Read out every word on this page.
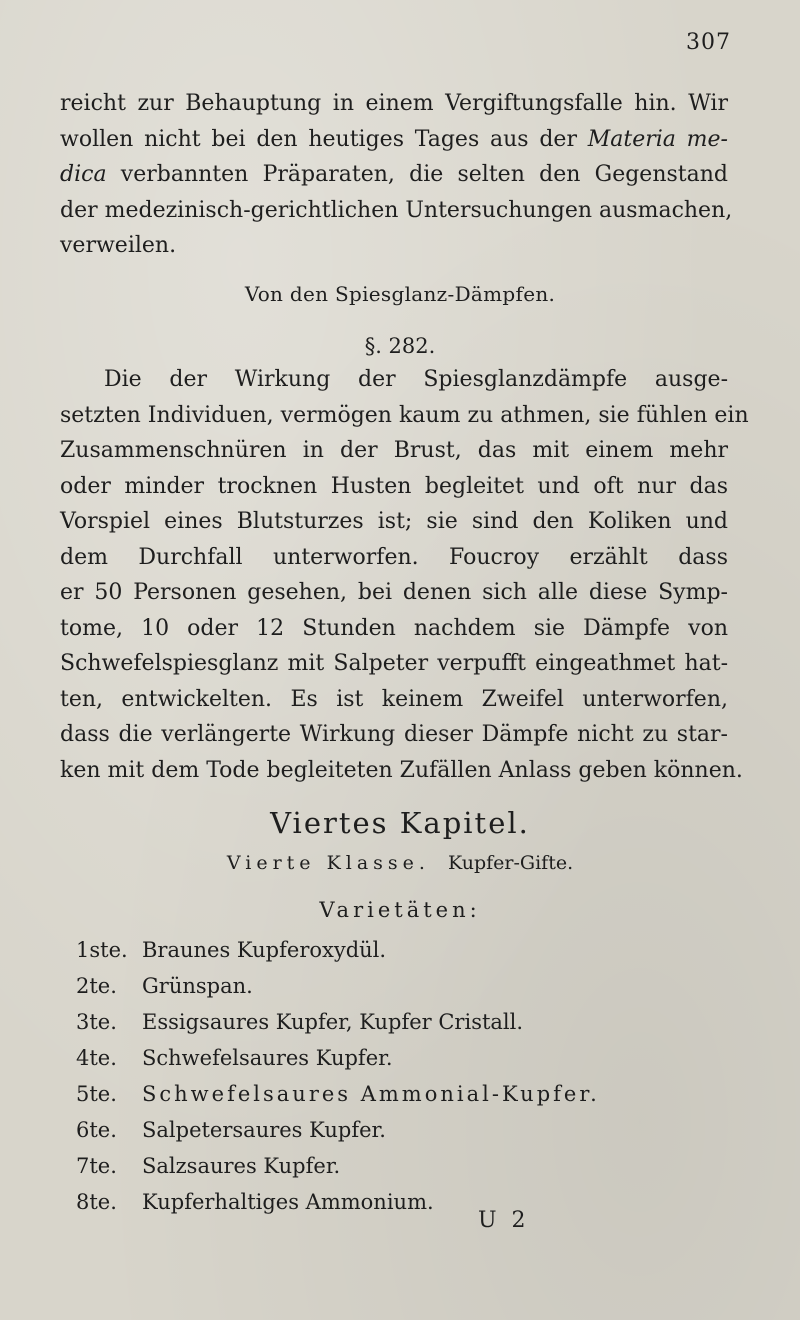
307
reicht zur Behauptung in einem Vergiftungsfalle hin. Wir
wollen nicht bei den heutiges Tages aus der Materia me-
dica verbannten Präparaten, die selten den Gegenstand
der medezinisch-gerichtlichen Untersuchungen ausmachen,
verweilen.

Von den Spiesglanz-Dämpfen.

§. 282.

Die der Wirkung der Spiesglanzdämpfe ausge-
setzten Individuen, vermögen kaum zu athmen, sie fühlen ein
Zusammenschnüren in der Brust, das mit einem mehr
oder minder trocknen Husten begleitet und oft nur das
Vorspiel eines Blutsturzes ist; sie sind den Koliken und
dem Durchfall unterworfen. Foucroy erzählt dass
er 50 Personen gesehen, bei denen sich alle diese Symp-
tome, 10 oder 12 Stunden nachdem sie Dämpfe von
Schwefelspiesglanz mit Salpeter verpufft eingeathmet hat-
ten, entwickelten. Es ist keinem Zweifel unterworfen,
dass die verlängerte Wirkung dieser Dämpfe nicht zu star-
ken mit dem Tode begleiteten Zufällen Anlass geben können.

Viertes Kapitel.

Vierte Klasse. Kupfer-Gifte.

Varietäten:

1ste. Braunes Kupferoxydül.
2te. Grünspan.
3te. Essigsaures Kupfer, Kupfer Cristall.
4te. Schwefelsaures Kupfer.
5te. Schwefelsaures Ammonial-Kupfer.
6te. Salpetersaures Kupfer.
7te. Salzsaures Kupfer.
8te. Kupferhaltiges Ammonium.
U 2
